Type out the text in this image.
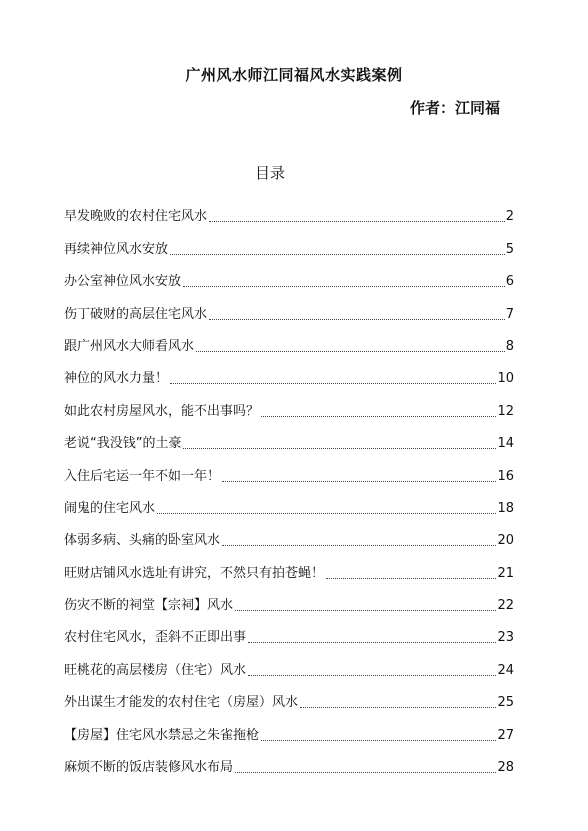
广州风水师江同福风水实践案例
作者：江同福
目录
早发晚败的农村住宅风水	2
再续神位风水安放	5
办公室神位风水安放	6
伤丁破财的高层住宅风水	7
跟广州风水大师看风水	8
神位的风水力量！	10
如此农村房屋风水，能不出事吗？	12
老说“我没钱”的土豪	14
入住后宅运一年不如一年！	16
闹鬼的住宅风水	18
体弱多病、头痛的卧室风水	20
旺财店铺风水选址有讲究，不然只有拍苍蝇！	21
伤灾不断的祠堂【宗祠】风水	22
农村住宅风水，歪斜不正即出事	23
旺桃花的高层楼房（住宅）风水	24
外出谋生才能发的农村住宅（房屋）风水	25
【房屋】住宅风水禁忌之朱雀拖枪	27
麻烦不断的饭店装修风水布局	28
